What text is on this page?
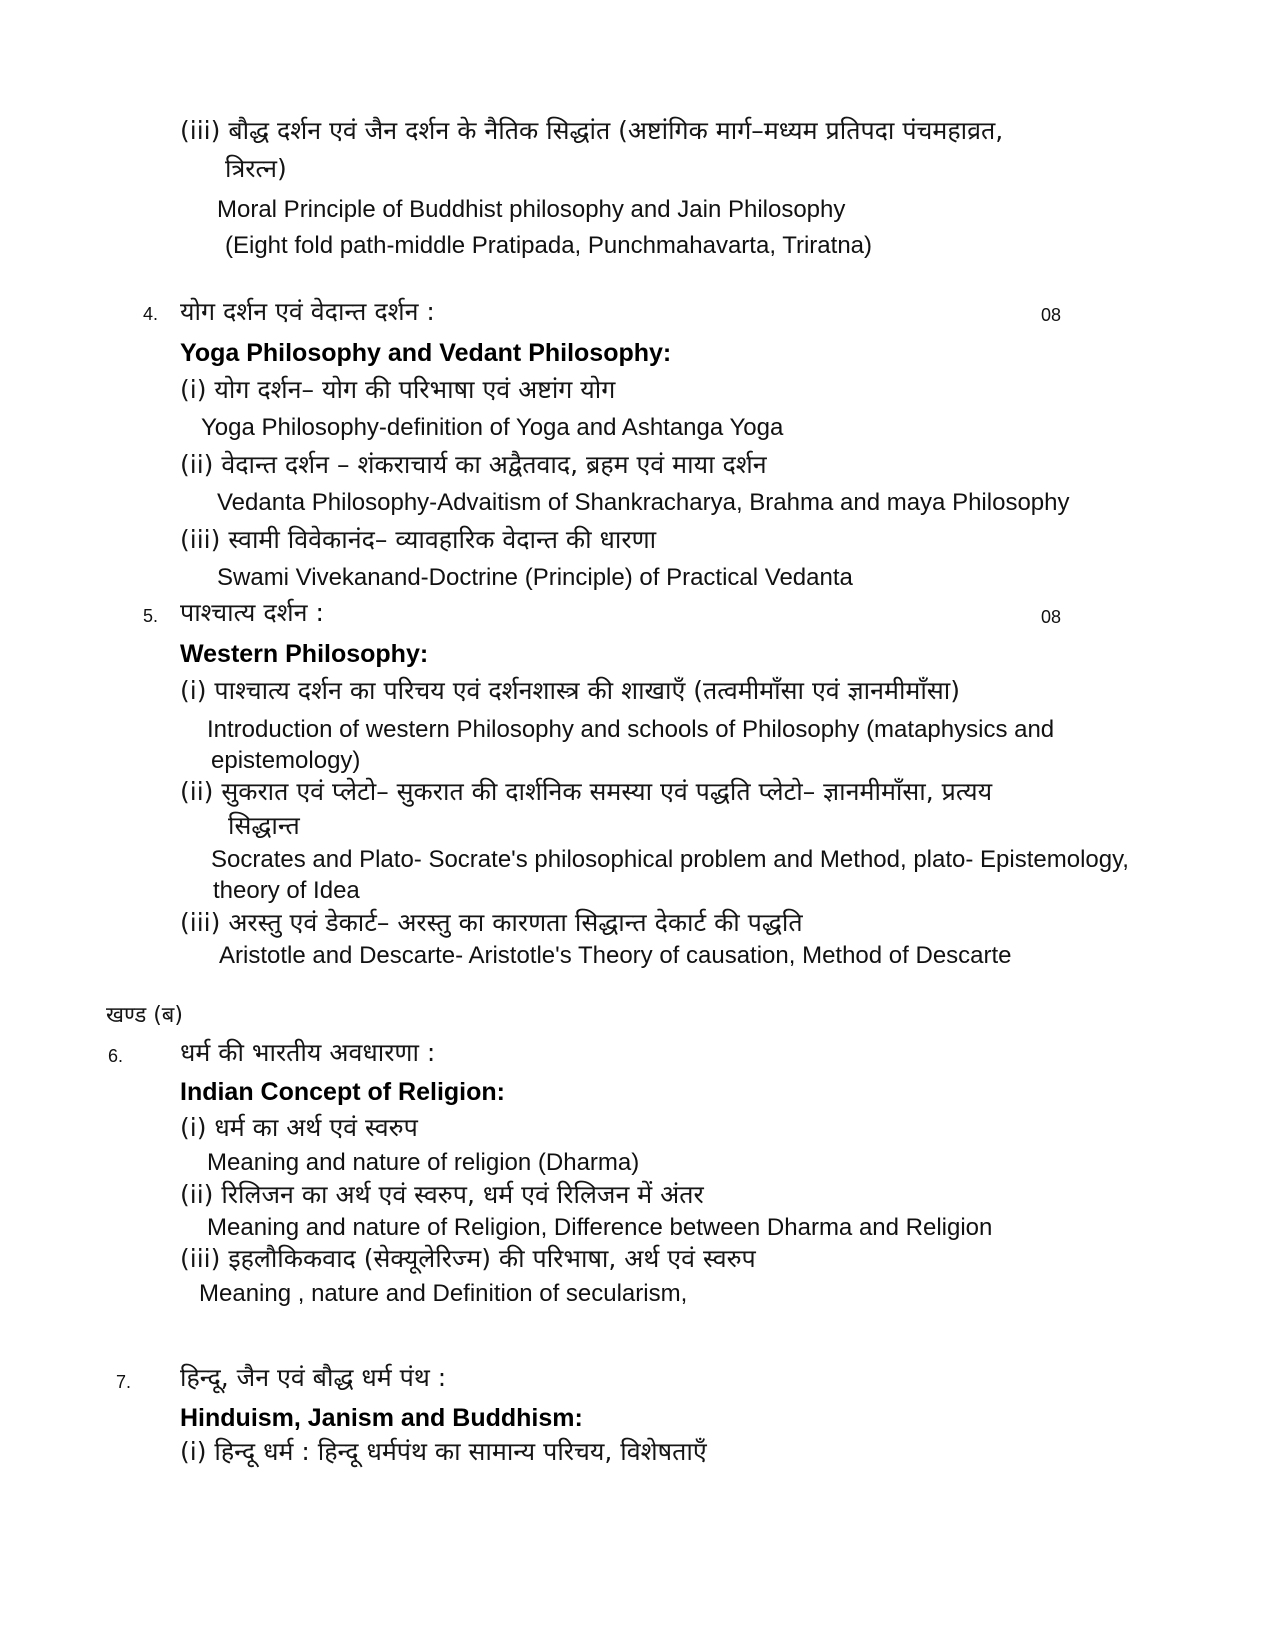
(iii) बौद्ध दर्शन एवं जैन दर्शन के नैतिक सिद्धांत (अष्टांगिक मार्ग–मध्यम प्रतिपदा पंचमहाव्रत,
त्रिरत्न)
Moral Principle of Buddhist philosophy and Jain Philosophy
(Eight fold path-middle Pratipada, Punchmahavarta, Triratna)
4. योग दर्शन एवं वेदान्त दर्शन :	08
Yoga Philosophy and Vedant Philosophy:
(i) योग दर्शन– योग की परिभाषा एवं अष्टांग योग
Yoga Philosophy-definition of Yoga and Ashtanga Yoga
(ii) वेदान्त दर्शन – शंकराचार्य का अद्वैतवाद, ब्रहम एवं माया दर्शन
Vedanta Philosophy-Advaitism of Shankracharya, Brahma and maya Philosophy
(iii) स्वामी विवेकानंद– व्यावहारिक वेदान्त की धारणा
Swami Vivekanand-Doctrine (Principle) of Practical Vedanta
5. पाश्चात्य दर्शन :	08
Western Philosophy:
(i) पाश्चात्य दर्शन का परिचय एवं दर्शनशास्त्र की शाखाएँ (तत्वमीमाँसा एवं ज्ञानमीमाँसा)
Introduction of western Philosophy and schools of Philosophy (mataphysics and
epistemology)
(ii) सुकरात एवं प्लेटो– सुकरात की दार्शनिक समस्या एवं पद्धति प्लेटो– ज्ञानमीमाँसा, प्रत्यय
सिद्धान्त
Socrates and Plato- Socrate's philosophical problem and Method, plato- Epistemology,
theory of Idea
(iii) अरस्तु एवं डेकार्ट– अरस्तु का कारणता सिद्धान्त देकार्ट की पद्धति
Aristotle and Descarte- Aristotle's Theory of causation, Method of Descarte
खण्ड (ब)
6. धर्म की भारतीय अवधारणा :
Indian Concept of Religion:
(i) धर्म का अर्थ एवं स्वरुप
Meaning and nature of religion (Dharma)
(ii) रिलिजन का अर्थ एवं स्वरुप, धर्म एवं रिलिजन में अंतर
Meaning and nature of Religion, Difference between Dharma and Religion
(iii) इहलौकिकवाद (सेक्यूलेरिज्म) की परिभाषा, अर्थ एवं स्वरुप
Meaning , nature and Definition of secularism,
7. हिन्दू, जैन एवं बौद्ध धर्म पंथ :
Hinduism, Janism and Buddhism:
(i) हिन्दू धर्म : हिन्दू धर्मपंथ का सामान्य परिचय, विशेषताएँ
